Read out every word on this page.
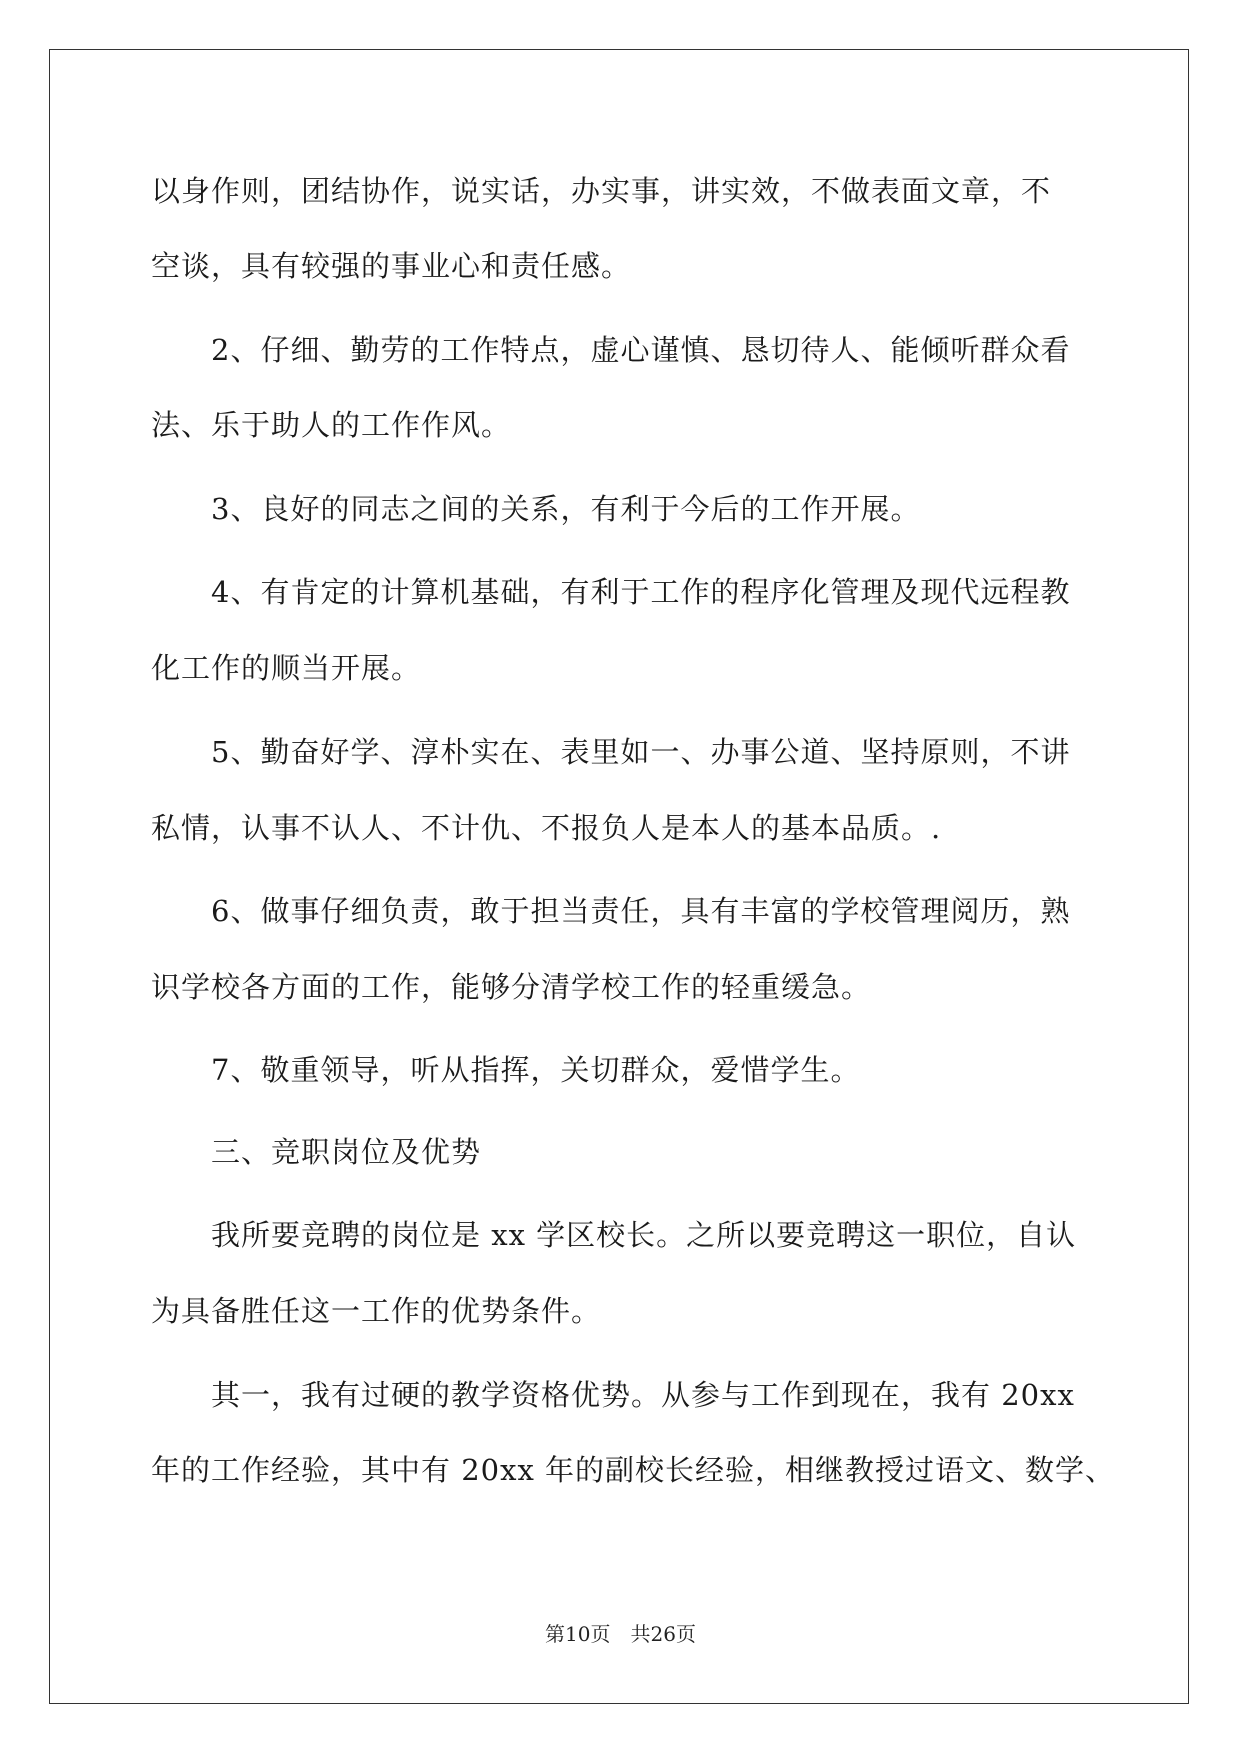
以身作则，团结协作，说实话，办实事，讲实效，不做表面文章，不
空谈，具有较强的事业心和责任感。
　　2、仔细、勤劳的工作特点，虚心谨慎、恳切待人、能倾听群众看
法、乐于助人的工作作风。
　　3、良好的同志之间的关系，有利于今后的工作开展。
　　4、有肯定的计算机基础，有利于工作的程序化管理及现代远程教
化工作的顺当开展。
　　5、勤奋好学、淳朴实在、表里如一、办事公道、坚持原则，不讲
私情，认事不认人、不计仇、不报负人是本人的基本品质。.
　　6、做事仔细负责，敢于担当责任，具有丰富的学校管理阅历，熟
识学校各方面的工作，能够分清学校工作的轻重缓急。
　　7、敬重领导，听从指挥，关切群众，爱惜学生。
　　三、竞职岗位及优势
　　我所要竞聘的岗位是 xx 学区校长。之所以要竞聘这一职位，自认
为具备胜任这一工作的优势条件。
　　其一，我有过硬的教学资格优势。从参与工作到现在，我有 20xx
年的工作经验，其中有 20xx 年的副校长经验，相继教授过语文、数学、
第10页　共26页
